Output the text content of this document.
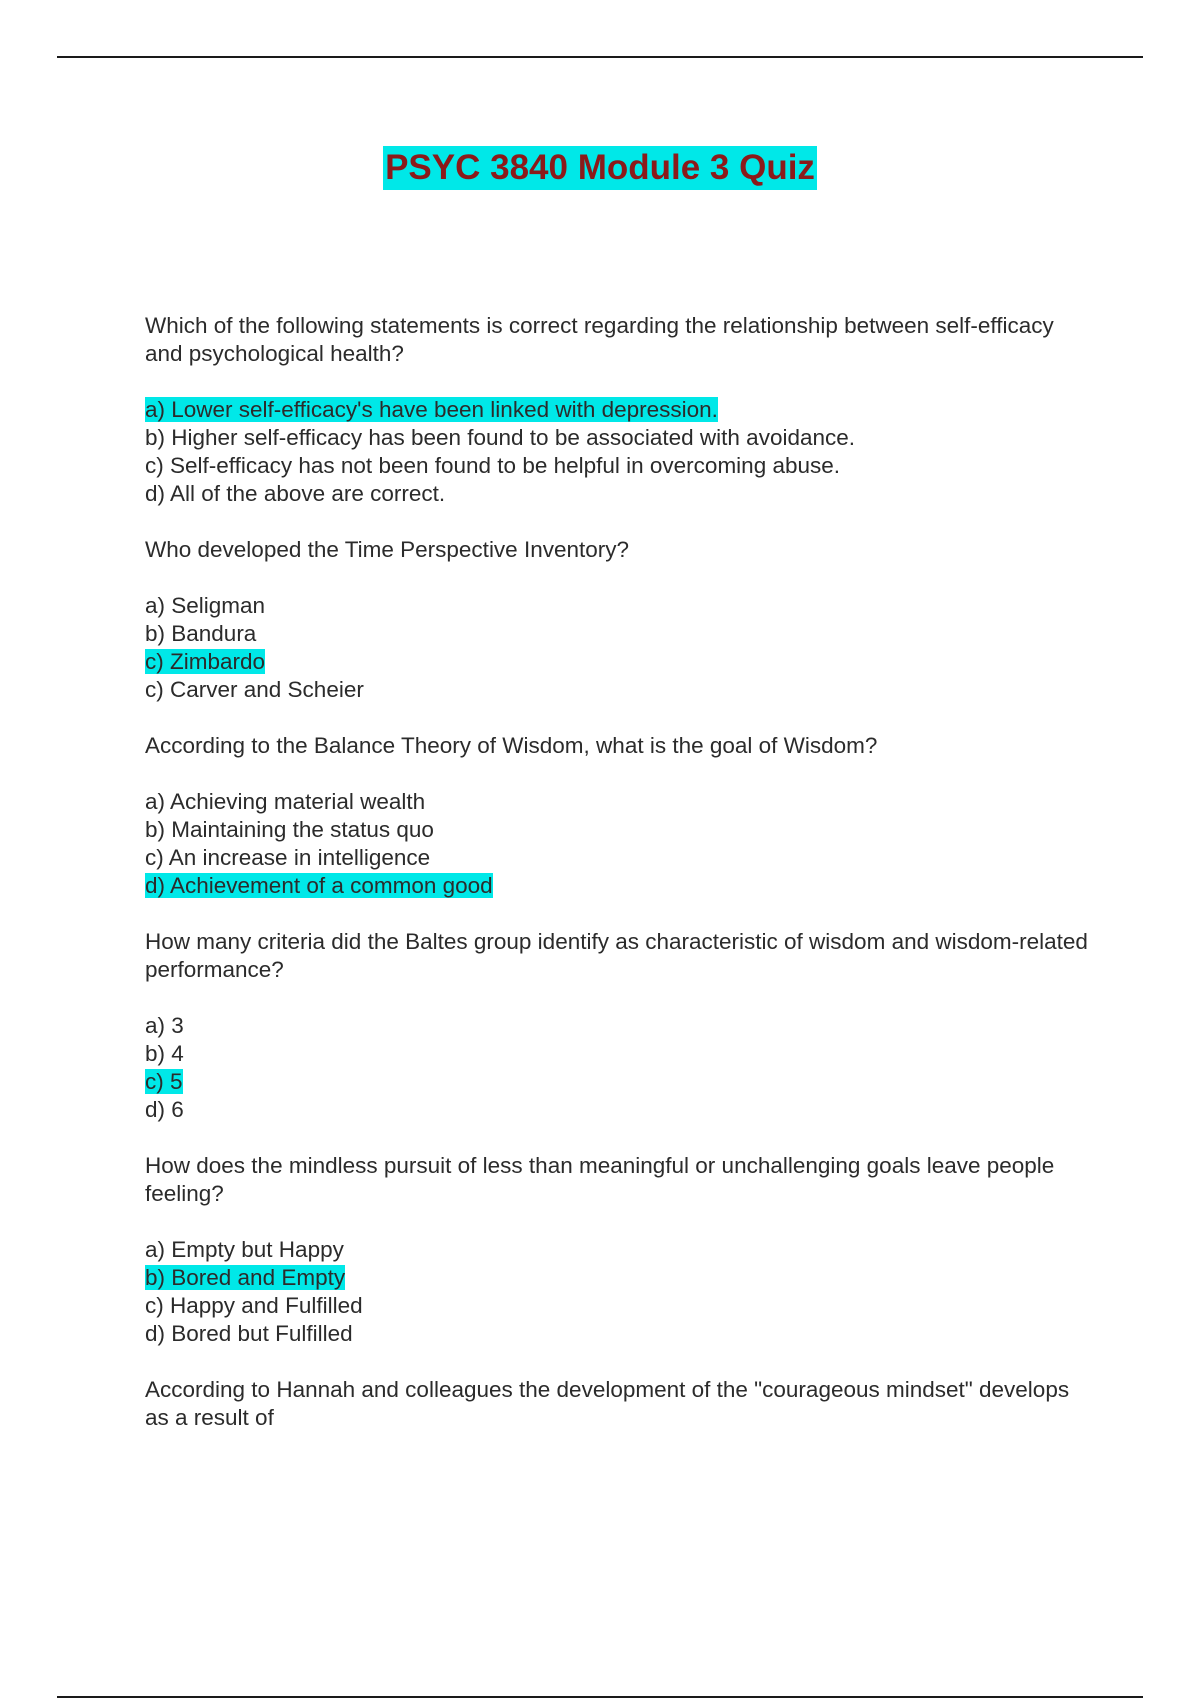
PSYC 3840 Module 3 Quiz
Which of the following statements is correct regarding the relationship between self-efficacy and psychological health?
a) Lower self-efficacy's have been linked with depression.
b) Higher self-efficacy has been found to be associated with avoidance.
c) Self-efficacy has not been found to be helpful in overcoming abuse.
d) All of the above are correct.
Who developed the Time Perspective Inventory?
a) Seligman
b) Bandura
c) Zimbardo
c) Carver and Scheier
According to the Balance Theory of Wisdom, what is the goal of Wisdom?
a) Achieving material wealth
b) Maintaining the status quo
c) An increase in intelligence
d) Achievement of a common good
How many criteria did the Baltes group identify as characteristic of wisdom and wisdom-related performance?
a) 3
b) 4
c) 5
d) 6
How does the mindless pursuit of less than meaningful or unchallenging goals leave people feeling?
a) Empty but Happy
b) Bored and Empty
c) Happy and Fulfilled
d) Bored but Fulfilled
According to Hannah and colleagues the development of the "courageous mindset" develops as a result of
